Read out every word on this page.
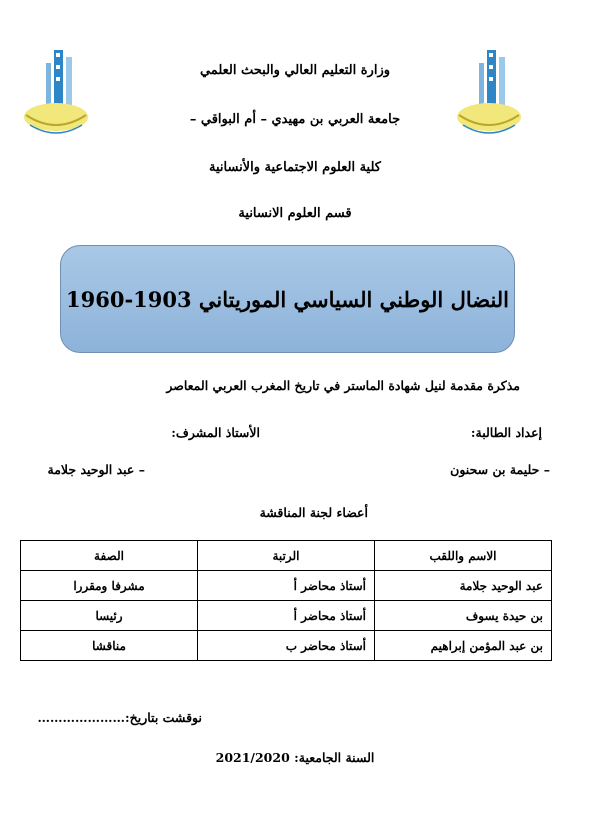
وزارة التعليم العالي والبحث العلمي
جامعة العربي بن مهيدي – أم البواقي –
كلية العلوم الاجتماعية والأنسانية
قسم العلوم الانسانية
النضال الوطني السياسي الموريتاني 1903-1960
مذكرة مقدمة لنيل شهادة الماستر في تاريخ المغرب العربي المعاصر
إعداد الطالبة:
الأستاذ المشرف:
– حليمة بن سحنون
– عبد الوحيد جلامة
أعضاء لجنة المناقشة
الاسم واللقب	الرتبة	الصفة
عبد الوحيد جلامة	أستاذ محاضر أ	مشرفا ومقررا
بن حيدة يسوف	أستاذ محاضر أ	رئيسا
بن عبد المؤمن إبراهيم	أستاذ محاضر ب	مناقشا
نوقشت بتاريخ:…………………
السنة الجامعية: 2021/2020
